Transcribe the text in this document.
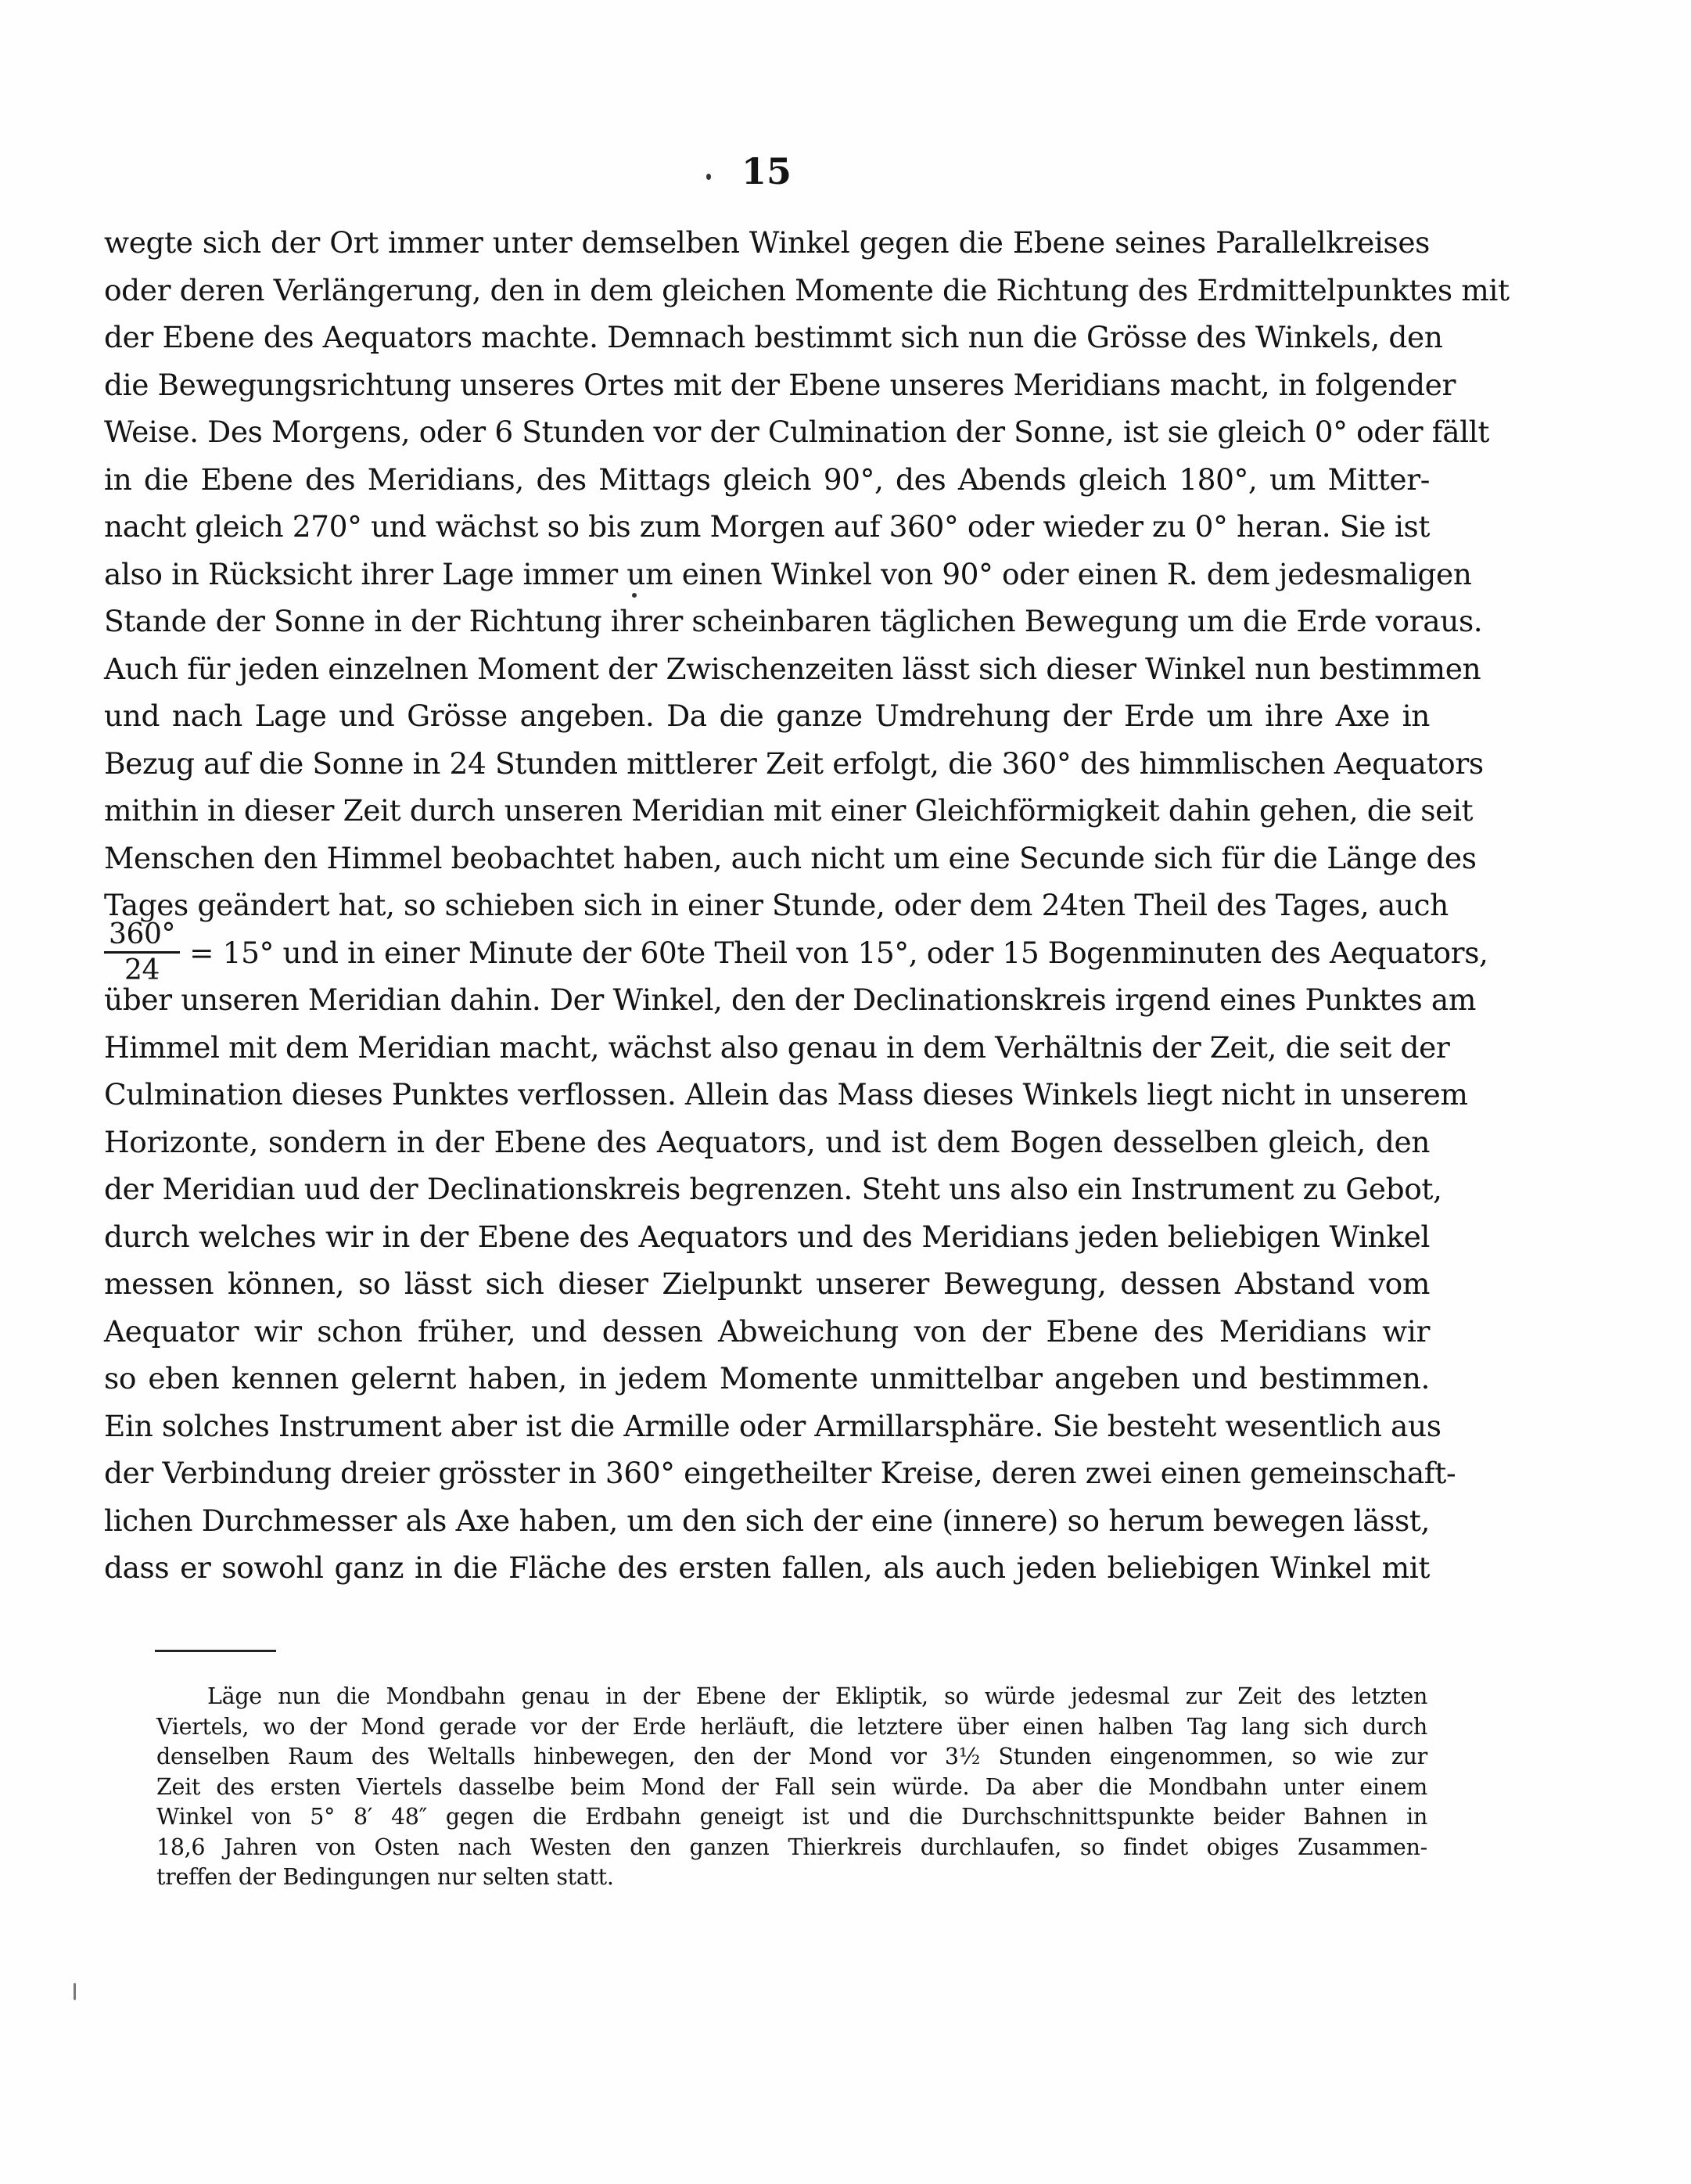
15
wegte sich der Ort immer unter demselben Winkel gegen die Ebene seines Parallelkreises
oder deren Verlängerung, den in dem gleichen Momente die Richtung des Erdmittelpunktes mit
der Ebene des Aequators machte. Demnach bestimmt sich nun die Grösse des Winkels, den
die Bewegungsrichtung unseres Ortes mit der Ebene unseres Meridians macht, in folgender
Weise. Des Morgens, oder 6 Stunden vor der Culmination der Sonne, ist sie gleich 0° oder fällt
in die Ebene des Meridians, des Mittags gleich 90°, des Abends gleich 180°, um Mitter-
nacht gleich 270° und wächst so bis zum Morgen auf 360° oder wieder zu 0° heran. Sie ist
also in Rücksicht ihrer Lage immer um einen Winkel von 90° oder einen R. dem jedesmaligen
Stande der Sonne in der Richtung ihrer scheinbaren täglichen Bewegung um die Erde voraus.
Auch für jeden einzelnen Moment der Zwischenzeiten lässt sich dieser Winkel nun bestimmen
und nach Lage und Grösse angeben. Da die ganze Umdrehung der Erde um ihre Axe in
Bezug auf die Sonne in 24 Stunden mittlerer Zeit erfolgt, die 360° des himmlischen Aequators
mithin in dieser Zeit durch unseren Meridian mit einer Gleichförmigkeit dahin gehen, die seit
Menschen den Himmel beobachtet haben, auch nicht um eine Secunde sich für die Länge des
Tages geändert hat, so schieben sich in einer Stunde, oder dem 24ten Theil des Tages, auch
$\frac{360^\circ}{24} = 15^\circ$ und in einer Minute der 60te Theil von 15°, oder 15 Bogenminuten des Aequators,
über unseren Meridian dahin. Der Winkel, den der Declinationskreis irgend eines Punktes am
Himmel mit dem Meridian macht, wächst also genau in dem Verhältnis der Zeit, die seit der
Culmination dieses Punktes verflossen. Allein das Mass dieses Winkels liegt nicht in unserem
Horizonte, sondern in der Ebene des Aequators, und ist dem Bogen desselben gleich, den
der Meridian uud der Declinationskreis begrenzen. Steht uns also ein Instrument zu Gebot,
durch welches wir in der Ebene des Aequators und des Meridians jeden beliebigen Winkel
messen können, so lässt sich dieser Zielpunkt unserer Bewegung, dessen Abstand vom
Aequator wir schon früher, und dessen Abweichung von der Ebene des Meridians wir
so eben kennen gelernt haben, in jedem Momente unmittelbar angeben und bestimmen.
Ein solches Instrument aber ist die Armille oder Armillarsphäre. Sie besteht wesentlich aus
der Verbindung dreier grösster in 360° eingetheilter Kreise, deren zwei einen gemeinschaft-
lichen Durchmesser als Axe haben, um den sich der eine (innere) so herum bewegen lässt,
dass er sowohl ganz in die Fläche des ersten fallen, als auch jeden beliebigen Winkel mit
Läge nun die Mondbahn genau in der Ebene der Ekliptik, so würde jedesmal zur Zeit des letzten
Viertels, wo der Mond gerade vor der Erde herläuft, die letztere über einen halben Tag lang sich durch
denselben Raum des Weltalls hinbewegen, den der Mond vor 3½ Stunden eingenommen, so wie zur
Zeit des ersten Viertels dasselbe beim Mond der Fall sein würde. Da aber die Mondbahn unter einem
Winkel von 5° 8′ 48″ gegen die Erdbahn geneigt ist und die Durchschnittspunkte beider Bahnen in
18,6 Jahren von Osten nach Westen den ganzen Thierkreis durchlaufen, so findet obiges Zusammen-
treffen der Bedingungen nur selten statt.
